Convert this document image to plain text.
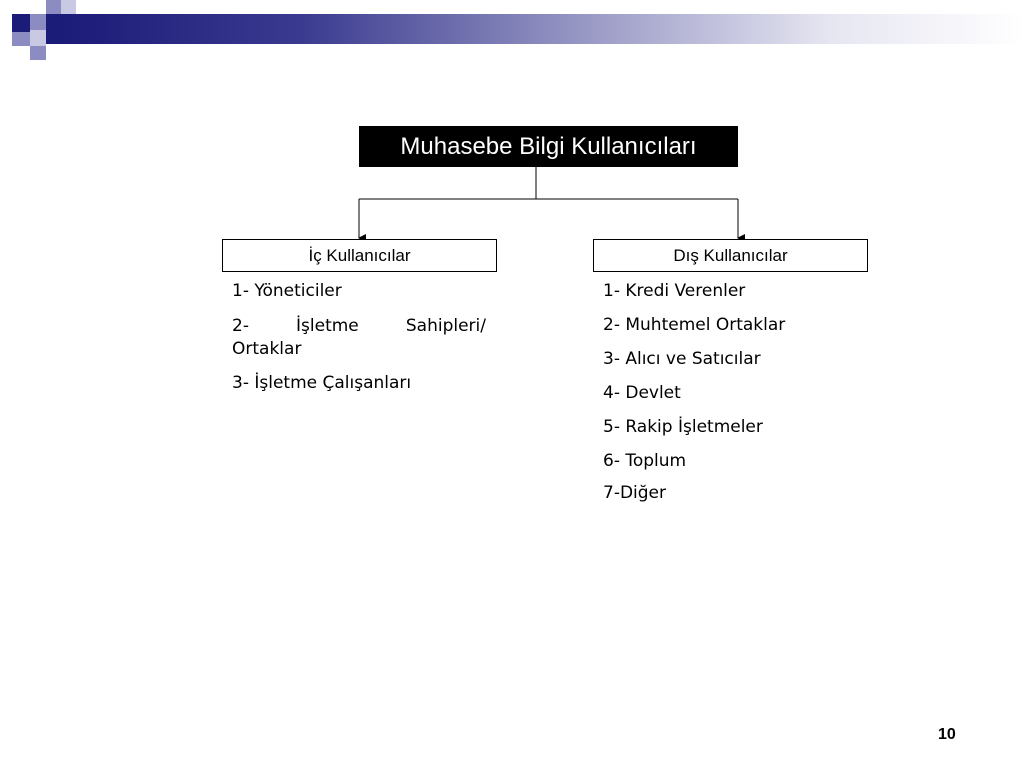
Muhasebe Bilgi Kullanıcıları
İç Kullanıcılar	Dış Kullanıcılar
1- Yöneticiler
2-	İşletme	Sahipleri/
Ortaklar
3- İşletme Çalışanları
1- Kredi Verenler
2- Muhtemel Ortaklar
3- Alıcı ve Satıcılar
4- Devlet
5- Rakip İşletmeler
6- Toplum
7-Diğer
10
